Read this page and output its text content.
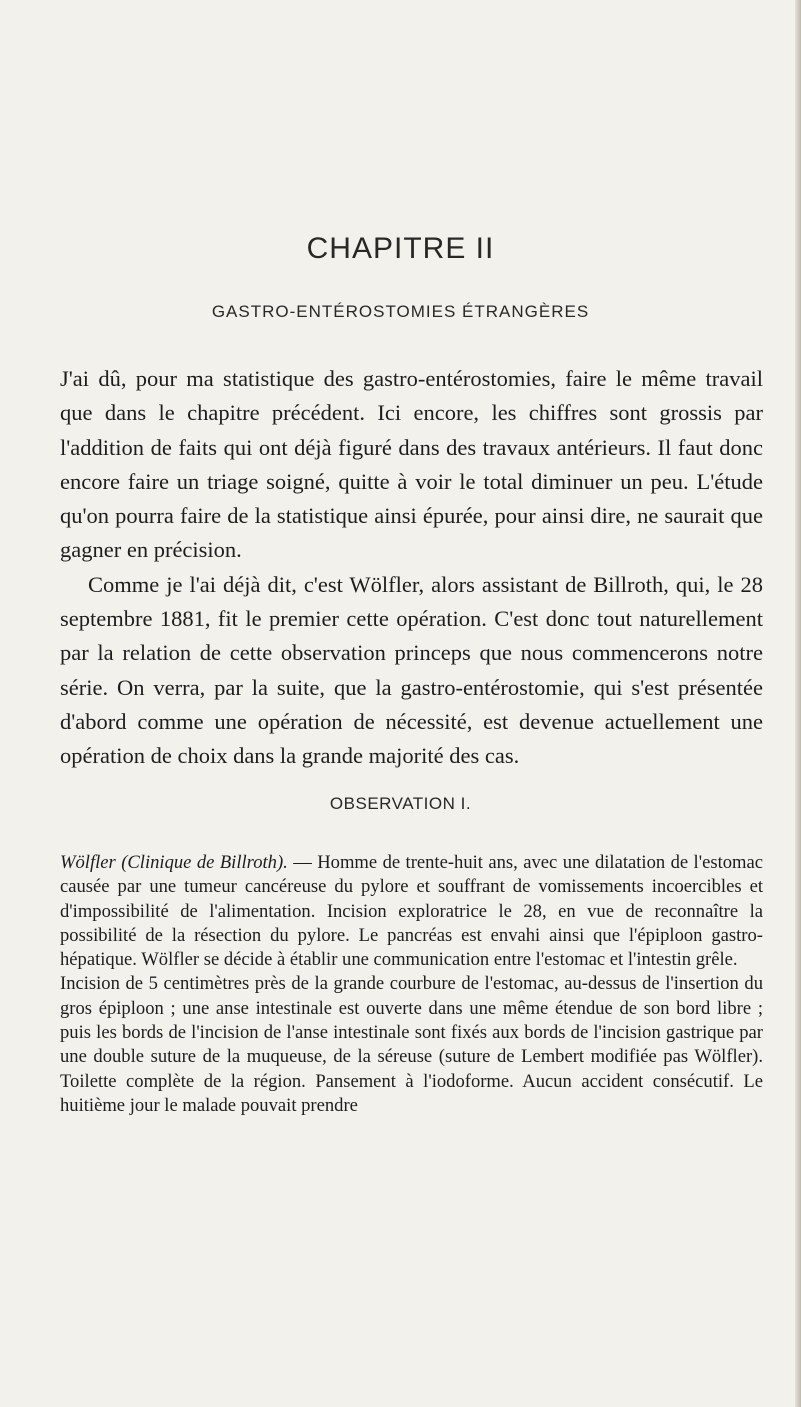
CHAPITRE II
GASTRO-ENTÉROSTOMIES ÉTRANGÈRES

J'ai dû, pour ma statistique des gastro-entérostomies, faire le même travail que dans le chapitre précédent. Ici encore, les chiffres sont grossis par l'addition de faits qui ont déjà figuré dans des travaux antérieurs. Il faut donc encore faire un triage soigné, quitte à voir le total diminuer un peu. L'étude qu'on pourra faire de la statistique ainsi épurée, pour ainsi dire, ne saurait que gagner en précision.

Comme je l'ai déjà dit, c'est Wölfler, alors assistant de Billroth, qui, le 28 septembre 1881, fit le premier cette opération. C'est donc tout naturellement par la relation de cette observation princeps que nous commencerons notre série. On verra, par la suite, que la gastro-entérostomie, qui s'est présentée d'abord comme une opération de nécessité, est devenue actuellement une opération de choix dans la grande majorité des cas.

OBSERVATION I.

Wölfler (Clinique de Billroth). — Homme de trente-huit ans, avec une dilatation de l'estomac causée par une tumeur cancéreuse du pylore et souffrant de vomissements incoercibles et d'impossibilité de l'alimentation. Incision exploratrice le 28, en vue de reconnaître la possibilité de la résection du pylore. Le pancréas est envahi ainsi que l'épiploon gastro-hépatique. Wölfler se décide à établir une communication entre l'estomac et l'intestin grêle.

Incision de 5 centimètres près de la grande courbure de l'estomac, au-dessus de l'insertion du gros épiploon ; une anse intestinale est ouverte dans une même étendue de son bord libre ; puis les bords de l'incision de l'anse intestinale sont fixés aux bords de l'incision gastrique par une double suture de la muqueuse, de la séreuse (suture de Lembert modifiée pas Wölfler). Toilette complète de la région. Pansement à l'iodoforme. Aucun accident consécutif. Le huitième jour le malade pouvait prendre
